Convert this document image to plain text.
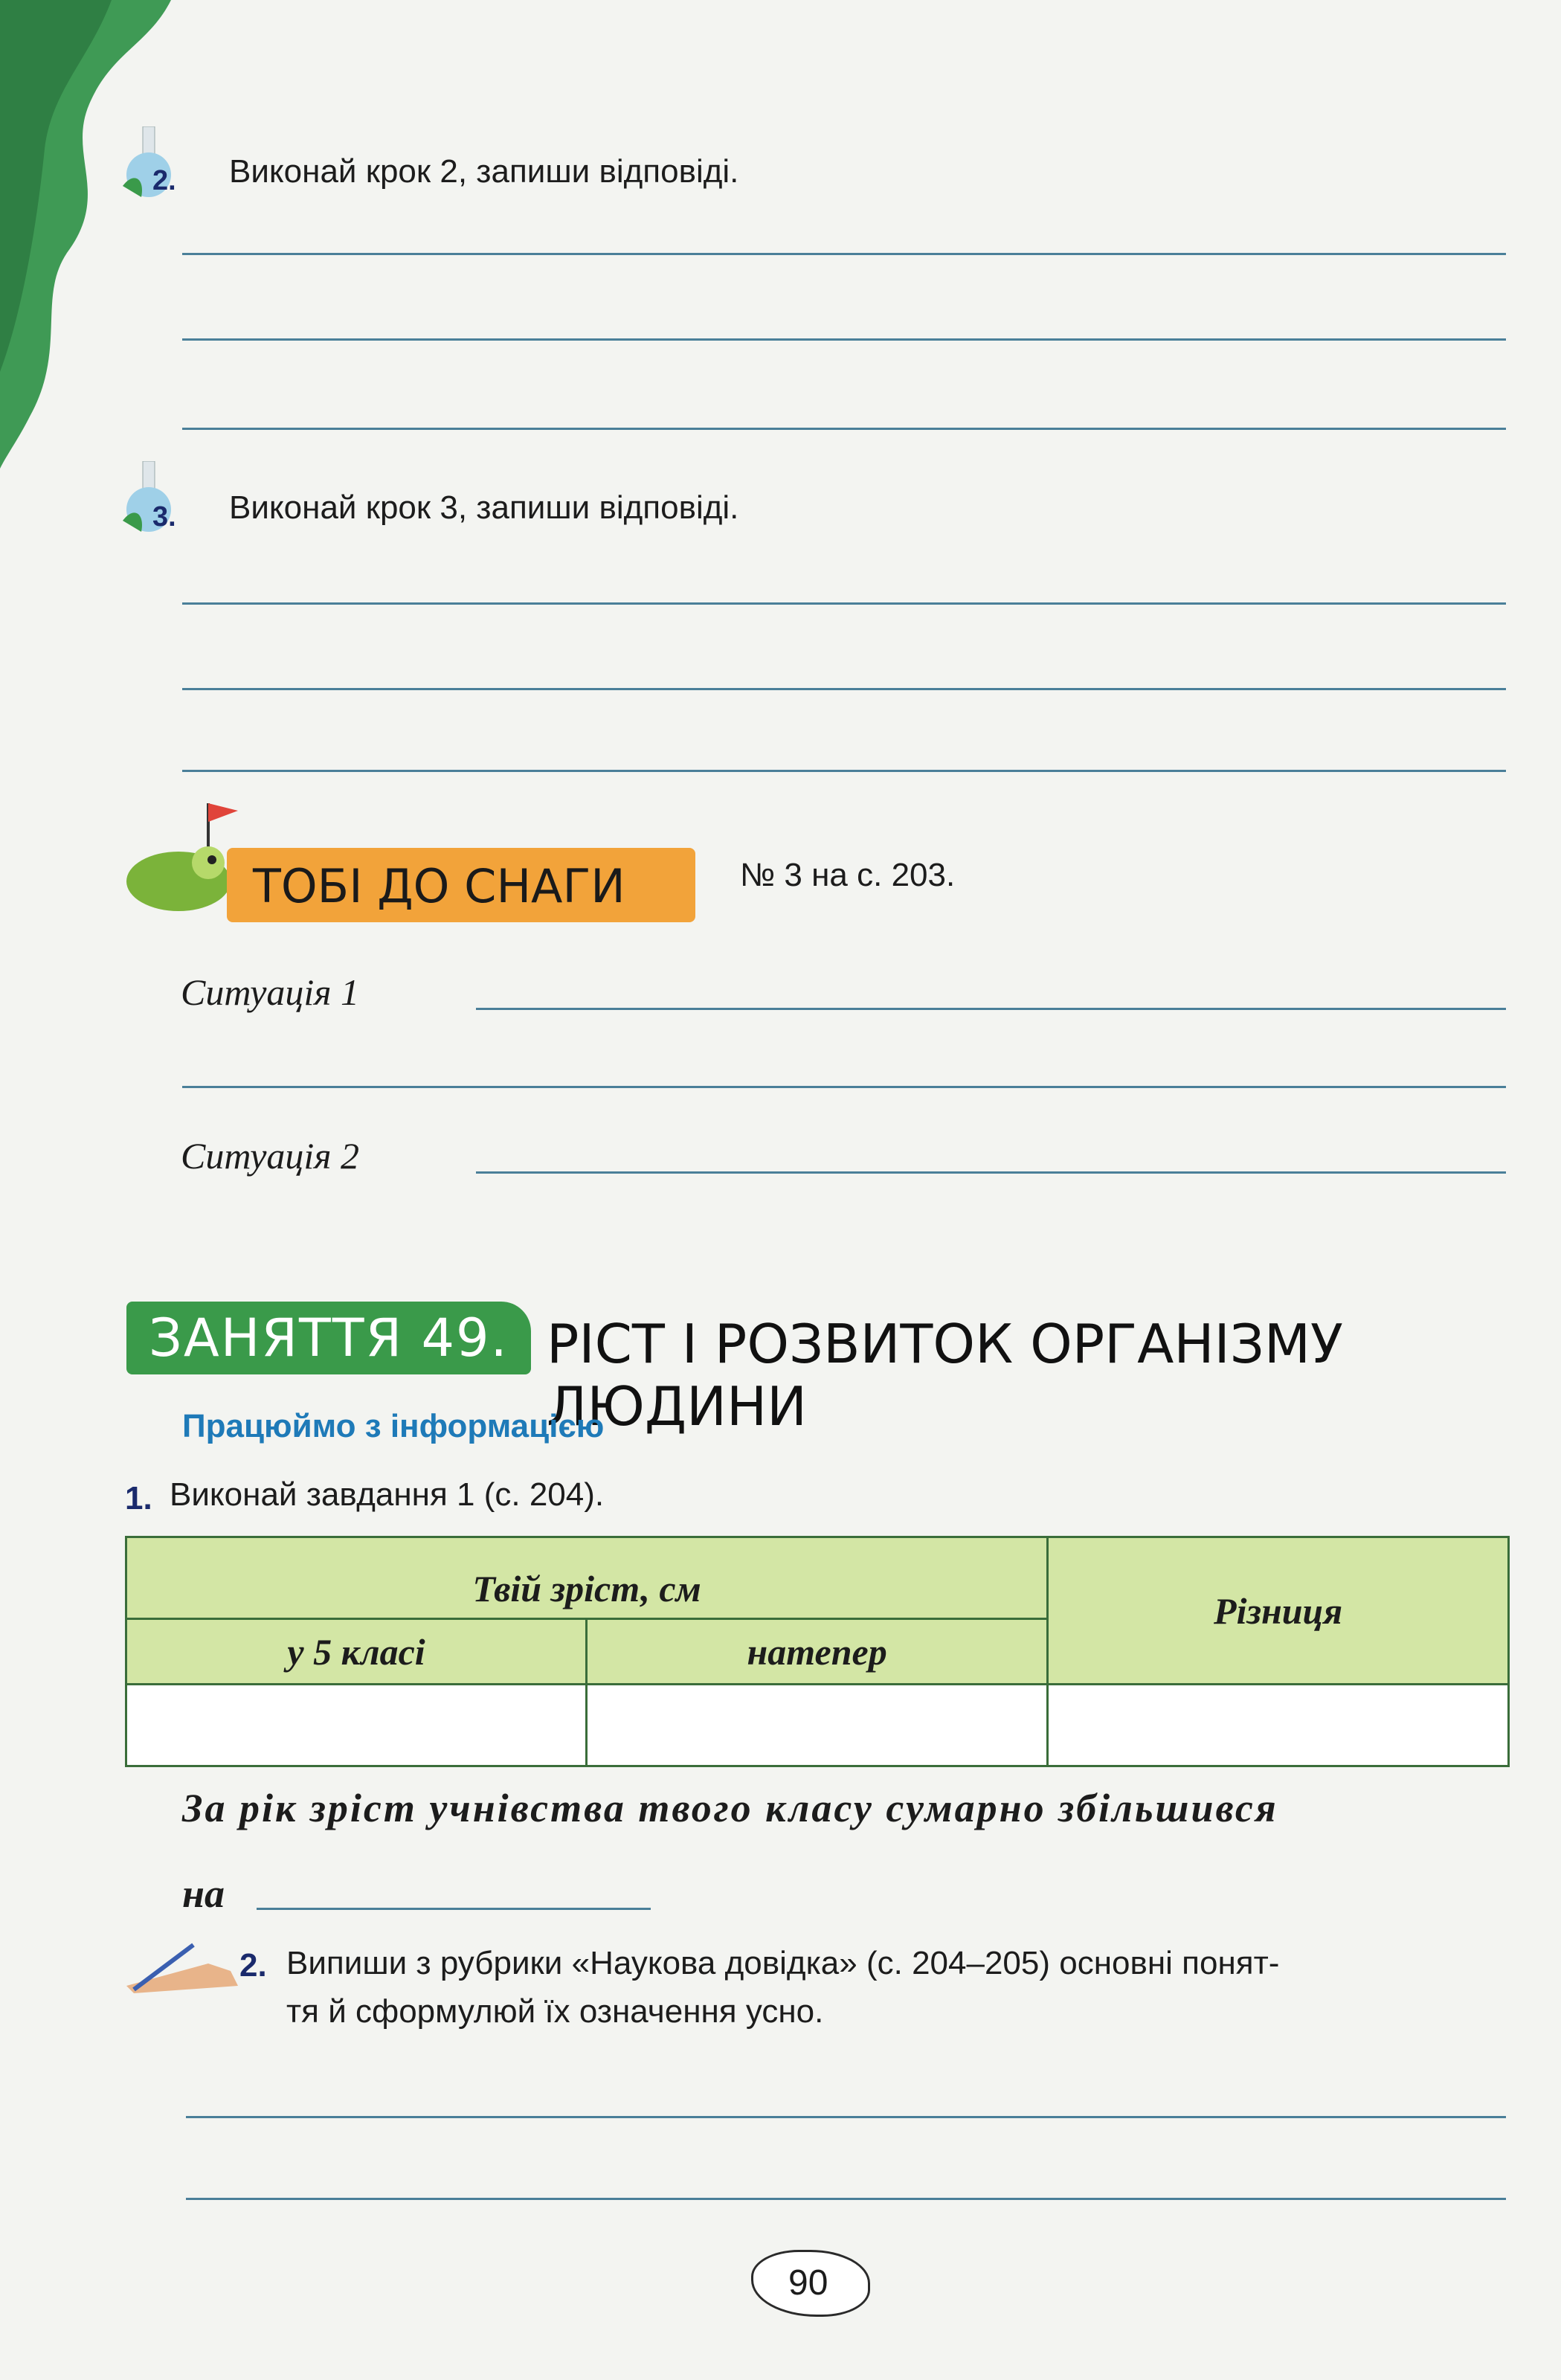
2. Виконай крок 2, запиши відповіді.
3. Виконай крок 3, запиши відповіді.
ТОБІ ДО СНАГИ	№ 3 на с. 203.
Ситуація 1
Ситуація 2
ЗАНЯТТЯ 49. РІСТ І РОЗВИТОК ОРГАНІЗМУ ЛЮДИНИ
Працюймо з інформацією
1. Виконай завдання 1 (с. 204).
Твій зріст, см		Різниця
у 5 класі	натепер	

За рік зріст учнівства твого класу сумарно збільшився
на
2. Випиши з рубрики «Наукова довідка» (с. 204–205) основні понят-
тя й сформулюй їх означення усно.
90
